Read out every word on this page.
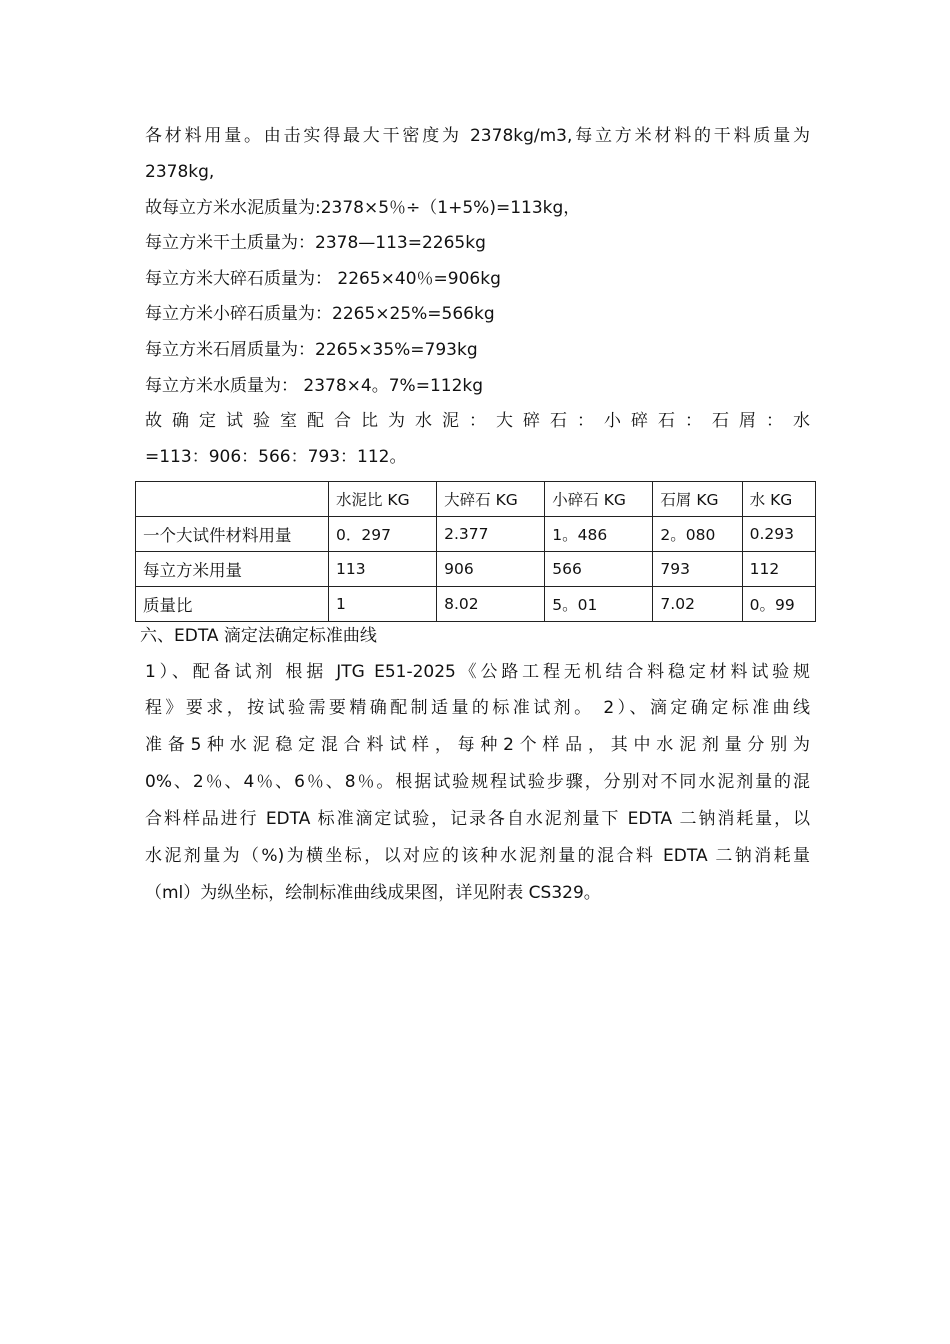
各材料用量。由击实得最大干密度为 2378kg/m3,每立方米材料的干料质量为
2378kg,
故每立方米水泥质量为:2378×5％÷（1+5%)=113kg，
每立方米干土质量为：2378—113=2265kg
每立方米大碎石质量为： 2265×40％=906kg
每立方米小碎石质量为：2265×25%=566kg
每立方米石屑质量为：2265×35%=793kg
每立方米水质量为： 2378×4。7%=112kg
故 确 定 试 验 室 配 合 比 为 水 泥 ： 大 碎 石 ： 小 碎 石 ： 石 屑 ： 水
=113：906：566：793：112。
	水泥比 KG	大碎石 KG	小碎石 KG	石屑 KG	水 KG
一个大试件材料用量	0．297	2.377	1。486	2。080	0.293
每立方米用量	113	906	566	793	112
质量比	1	8.02	5。01	7.02	0。99
六、EDTA 滴定法确定标准曲线
1）、配备试剂 根据 JTG E51-2025《公路工程无机结合料稳定材料试验规
程》要求，按试验需要精确配制适量的标准试剂。 2）、滴定确定标准曲线
准 备 5 种 水 泥 稳 定 混 合 料 试 样 ， 每 种 2 个 样 品 ， 其 中 水 泥 剂 量 分 别 为
0%、2％、4％、6％、8％。根据试验规程试验步骤，分别对不同水泥剂量的混
合料样品进行 EDTA 标准滴定试验，记录各自水泥剂量下 EDTA 二钠消耗量，以
水泥剂量为（%)为横坐标，以对应的该种水泥剂量的混合料 EDTA 二钠消耗量
（ml）为纵坐标，绘制标准曲线成果图，详见附表 CS329。
